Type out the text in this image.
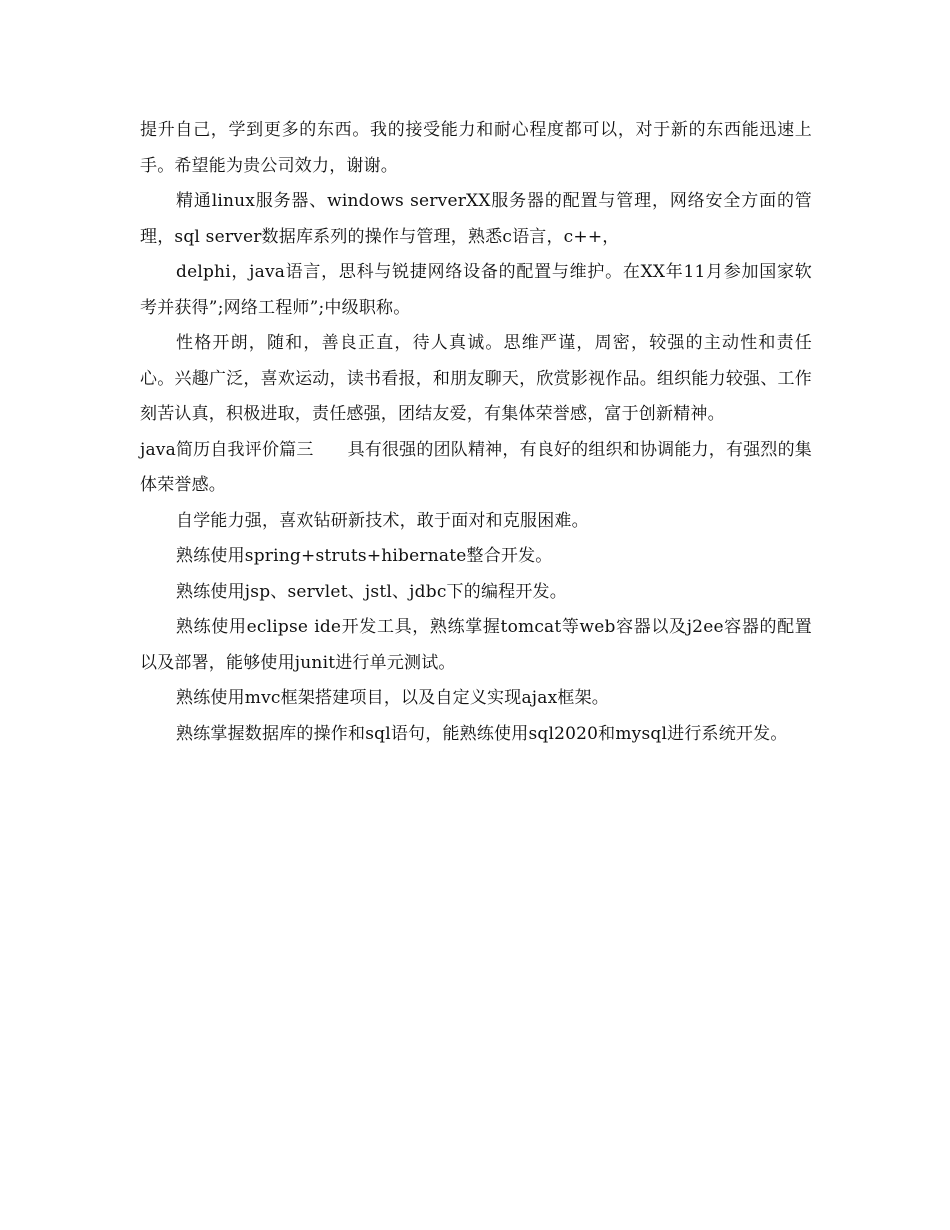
提升自己，学到更多的东西。我的接受能力和耐心程度都可以，对于新的东西能迅速上手。希望能为贵公司效力，谢谢。

精通linux服务器、windows serverXX服务器的配置与管理，网络安全方面的管理，sql server数据库系列的操作与管理，熟悉c语言，c++，

delphi，java语言，思科与锐捷网络设备的配置与维护。在XX年11月参加国家软考并获得”;网络工程师”;中级职称。

性格开朗，随和，善良正直，待人真诚。思维严谨，周密，较强的主动性和责任心。兴趣广泛，喜欢运动，读书看报，和朋友聊天，欣赏影视作品。组织能力较强、工作刻苦认真，积极进取，责任感强，团结友爱，有集体荣誉感，富于创新精神。

java简历自我评价篇三 具有很强的团队精神，有良好的组织和协调能力，有强烈的集体荣誉感。

自学能力强，喜欢钻研新技术，敢于面对和克服困难。

熟练使用spring+struts+hibernate整合开发。

熟练使用jsp、servlet、jstl、jdbc下的编程开发。

熟练使用eclipse ide开发工具，熟练掌握tomcat等web容器以及j2ee容器的配置以及部署，能够使用junit进行单元测试。

熟练使用mvc框架搭建项目，以及自定义实现ajax框架。

熟练掌握数据库的操作和sql语句，能熟练使用sql2020和mysql进行系统开发。
